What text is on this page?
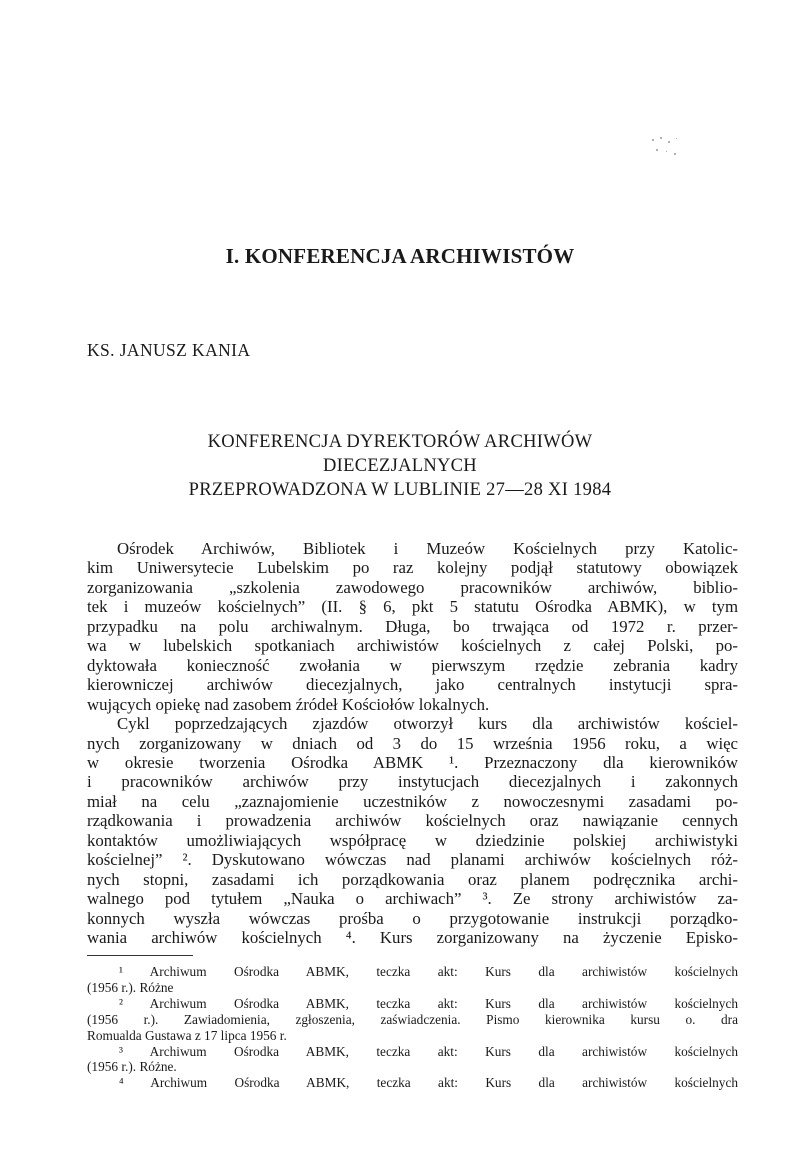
I. KONFERENCJA ARCHIWISTÓW
KS. JANUSZ KANIA
KONFERENCJA DYREKTORÓW ARCHIWÓW
DIECEZJALNYCH
PRZEPROWADZONA W LUBLINIE 27—28 XI 1984
Ośrodek Archiwów, Bibliotek i Muzeów Kościelnych przy Katolic-
kim Uniwersytecie Lubelskim po raz kolejny podjął statutowy obowiązek
zorganizowania „szkolenia zawodowego pracowników archiwów, biblio-
tek i muzeów kościelnych” (II. § 6, pkt 5 statutu Ośrodka ABMK), w tym
przypadku na polu archiwalnym. Długa, bo trwająca od 1972 r. przer-
wa w lubelskich spotkaniach archiwistów kościelnych z całej Polski, po-
dyktowała konieczność zwołania w pierwszym rzędzie zebrania kadry
kierowniczej archiwów diecezjalnych, jako centralnych instytucji spra-
wujących opiekę nad zasobem źródeł Kościołów lokalnych.
Cykl poprzedzających zjazdów otworzył kurs dla archiwistów kościel-
nych zorganizowany w dniach od 3 do 15 września 1956 roku, a więc
w okresie tworzenia Ośrodka ABMK ¹. Przeznaczony dla kierowników
i pracowników archiwów przy instytucjach diecezjalnych i zakonnych
miał na celu „zaznajomienie uczestników z nowoczesnymi zasadami po-
rządkowania i prowadzenia archiwów kościelnych oraz nawiązanie cennych
kontaktów umożliwiających współpracę w dziedzinie polskiej archiwistyki
kościelnej” ². Dyskutowano wówczas nad planami archiwów kościelnych róż-
nych stopni, zasadami ich porządkowania oraz planem podręcznika archi-
walnego pod tytułem „Nauka o archiwach” ³. Ze strony archiwistów za-
konnych wyszła wówczas prośba o przygotowanie instrukcji porządko-
wania archiwów kościelnych ⁴. Kurs zorganizowany na życzenie Episko-
¹ Archiwum Ośrodka ABMK, teczka akt: Kurs dla archiwistów kościelnych
(1956 r.). Różne
² Archiwum Ośrodka ABMK, teczka akt: Kurs dla archiwistów kościelnych
(1956 r.). Zawiadomienia, zgłoszenia, zaświadczenia. Pismo kierownika kursu o. dra
Romualda Gustawa z 17 lipca 1956 r.
³ Archiwum Ośrodka ABMK, teczka akt: Kurs dla archiwistów kościelnych
(1956 r.). Różne.
⁴ Archiwum Ośrodka ABMK, teczka akt: Kurs dla archiwistów kościelnych
